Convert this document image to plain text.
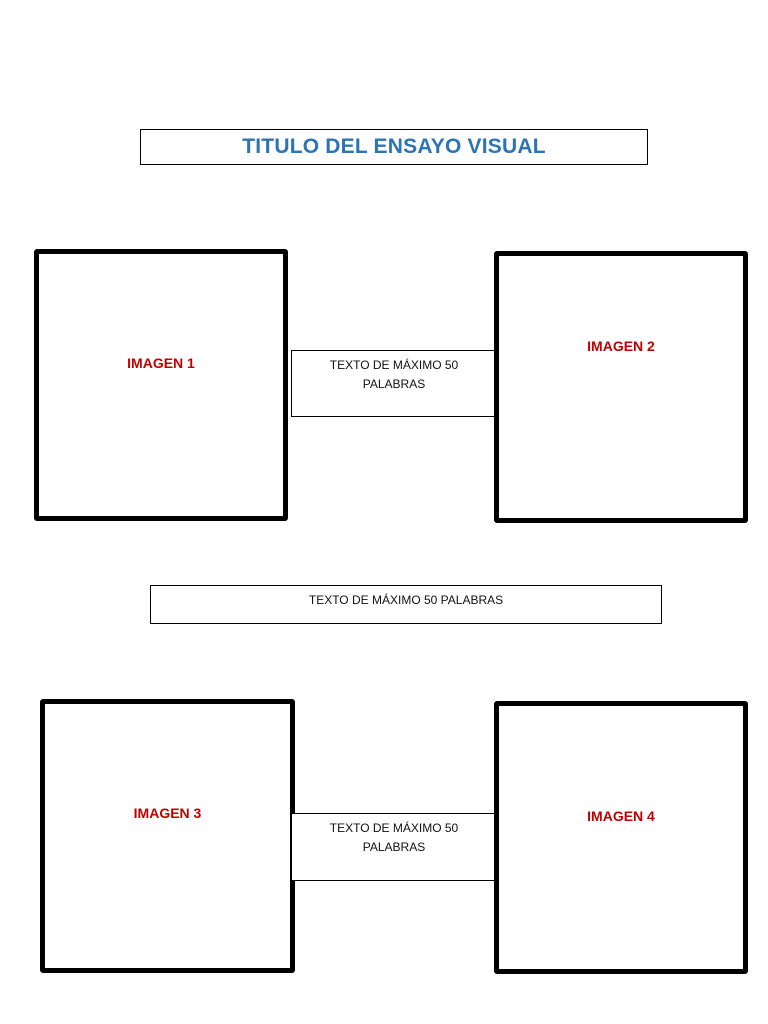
TITULO DEL ENSAYO VISUAL
IMAGEN 1	TEXTO DE MÁXIMO 50
PALABRAS
IMAGEN 2
TEXTO DE MÁXIMO 50 PALABRAS
IMAGEN 3
TEXTO DE MÁXIMO 50
PALABRAS
IMAGEN 4
